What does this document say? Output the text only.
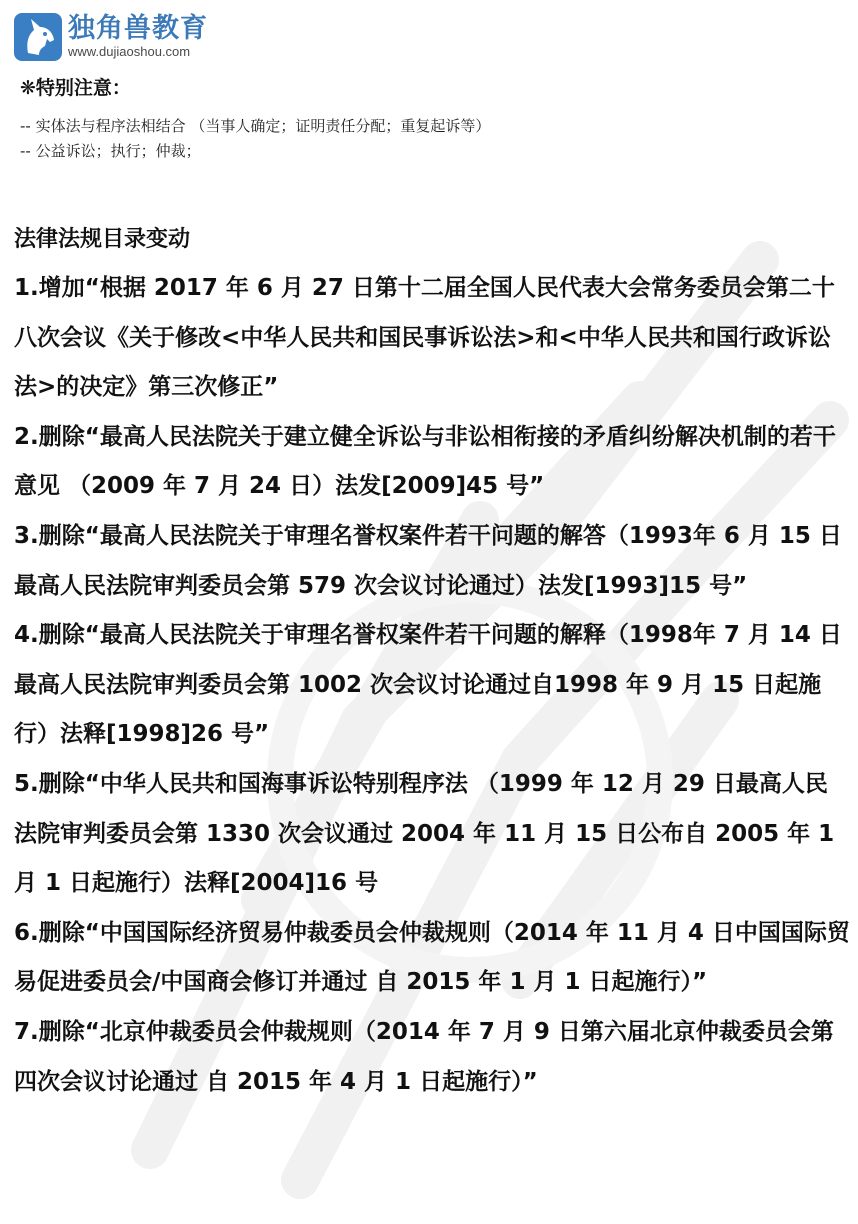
独角兽教育
www.dujiaoshou.com
❋特别注意：
-- 实体法与程序法相结合 （当事人确定；证明责任分配；重复起诉等）
-- 公益诉讼；执行；仲裁；
法律法规目录变动

1.增加“根据 2017 年 6 月 27 日第十二届全国人民代表大会常务委员会第二十八次会议《关于修改<中华人民共和国民事诉讼法>和<中华人民共和国行政诉讼法>的决定》第三次修正”

2.删除“最高人民法院关于建立健全诉讼与非讼相衔接的矛盾纠纷解决机制的若干意见 （2009 年 7 月 24 日）法发[2009]45 号”

3.删除“最高人民法院关于审理名誉权案件若干问题的解答（1993年 6 月 15 日最高人民法院审判委员会第 579 次会议讨论通过）法发[1993]15 号”

4.删除“最高人民法院关于审理名誉权案件若干问题的解释（1998年 7 月 14 日最高人民法院审判委员会第 1002 次会议讨论通过自1998 年 9 月 15 日起施行）法释[1998]26 号”

5.删除“中华人民共和国海事诉讼特别程序法 （1999 年 12 月 29 日最高人民法院审判委员会第 1330 次会议通过 2004 年 11 月 15 日公布自 2005 年 1 月 1 日起施行）法释[2004]16 号

6.删除“中国国际经济贸易仲裁委员会仲裁规则（2014 年 11 月 4 日中国国际贸易促进委员会/中国商会修订并通过 自 2015 年 1 月 1 日起施行）”

7.删除“北京仲裁委员会仲裁规则（2014 年 7 月 9 日第六届北京仲裁委员会第四次会议讨论通过 自 2015 年 4 月 1 日起施行）”
